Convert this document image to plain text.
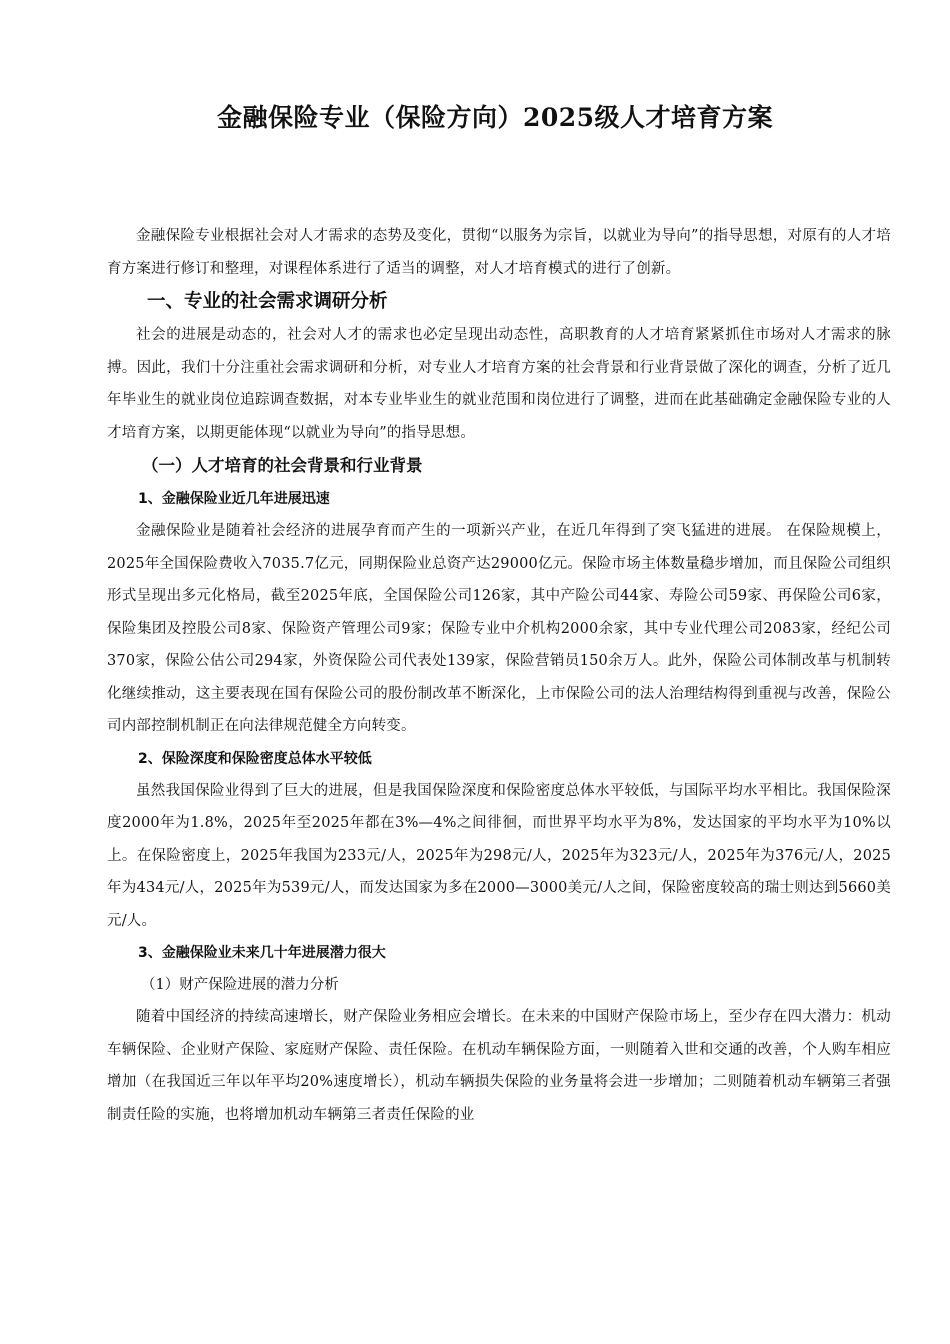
金融保险专业（保险方向）2025级人才培育方案

金融保险专业根据社会对人才需求的态势及变化，贯彻“以服务为宗旨，以就业为导向”的指导思想，对原有的人才培育方案进行修订和整理，对课程体系进行了适当的调整，对人才培育模式的进行了创新。

一、专业的社会需求调研分析

社会的进展是动态的，社会对人才的需求也必定呈现出动态性，高职教育的人才培育紧紧抓住市场对人才需求的脉搏。因此，我们十分注重社会需求调研和分析，对专业人才培育方案的社会背景和行业背景做了深化的调查，分析了近几年毕业生的就业岗位追踪调查数据，对本专业毕业生的就业范围和岗位进行了调整，进而在此基础确定金融保险专业的人才培育方案，以期更能体现“以就业为导向”的指导思想。

（一）人才培育的社会背景和行业背景
1、金融保险业近几年进展迅速

金融保险业是随着社会经济的进展孕育而产生的一项新兴产业，在近几年得到了突飞猛进的进展。 在保险规模上，2025年全国保险费收入7035.7亿元，同期保险业总资产达29000亿元。保险市场主体数量稳步增加，而且保险公司组织形式呈现出多元化格局，截至2025年底，全国保险公司126家，其中产险公司44家、寿险公司59家、再保险公司6家，保险集团及控股公司8家、保险资产管理公司9家；保险专业中介机构2000余家，其中专业代理公司2083家，经纪公司370家，保险公估公司294家，外资保险公司代表处139家，保险营销员150余万人。此外，保险公司体制改革与机制转化继续推动，这主要表现在国有保险公司的股份制改革不断深化，上市保险公司的法人治理结构得到重视与改善，保险公司内部控制机制正在向法律规范健全方向转变。

2、保险深度和保险密度总体水平较低

虽然我国保险业得到了巨大的进展，但是我国保险深度和保险密度总体水平较低，与国际平均水平相比。我国保险深度2000年为1.8%，2025年至2025年都在3%—4%之间徘徊，而世界平均水平为8%，发达国家的平均水平为10%以上。在保险密度上，2025年我国为233元/人，2025年为298元/人，2025年为323元/人，2025年为376元/人，2025年为434元/人，2025年为539元/人，而发达国家为多在2000—3000美元/人之间，保险密度较高的瑞士则达到5660美元/人。

3、金融保险业未来几十年进展潜力很大
（1）财产保险进展的潜力分析

随着中国经济的持续高速增长，财产保险业务相应会增长。在未来的中国财产保险市场上，至少存在四大潜力：机动车辆保险、企业财产保险、家庭财产保险、责任保险。在机动车辆保险方面，一则随着入世和交通的改善，个人购车相应增加（在我国近三年以年平均20%速度增长），机动车辆损失保险的业务量将会进一步增加；二则随着机动车辆第三者强制责任险的实施，也将增加机动车辆第三者责任保险的业
